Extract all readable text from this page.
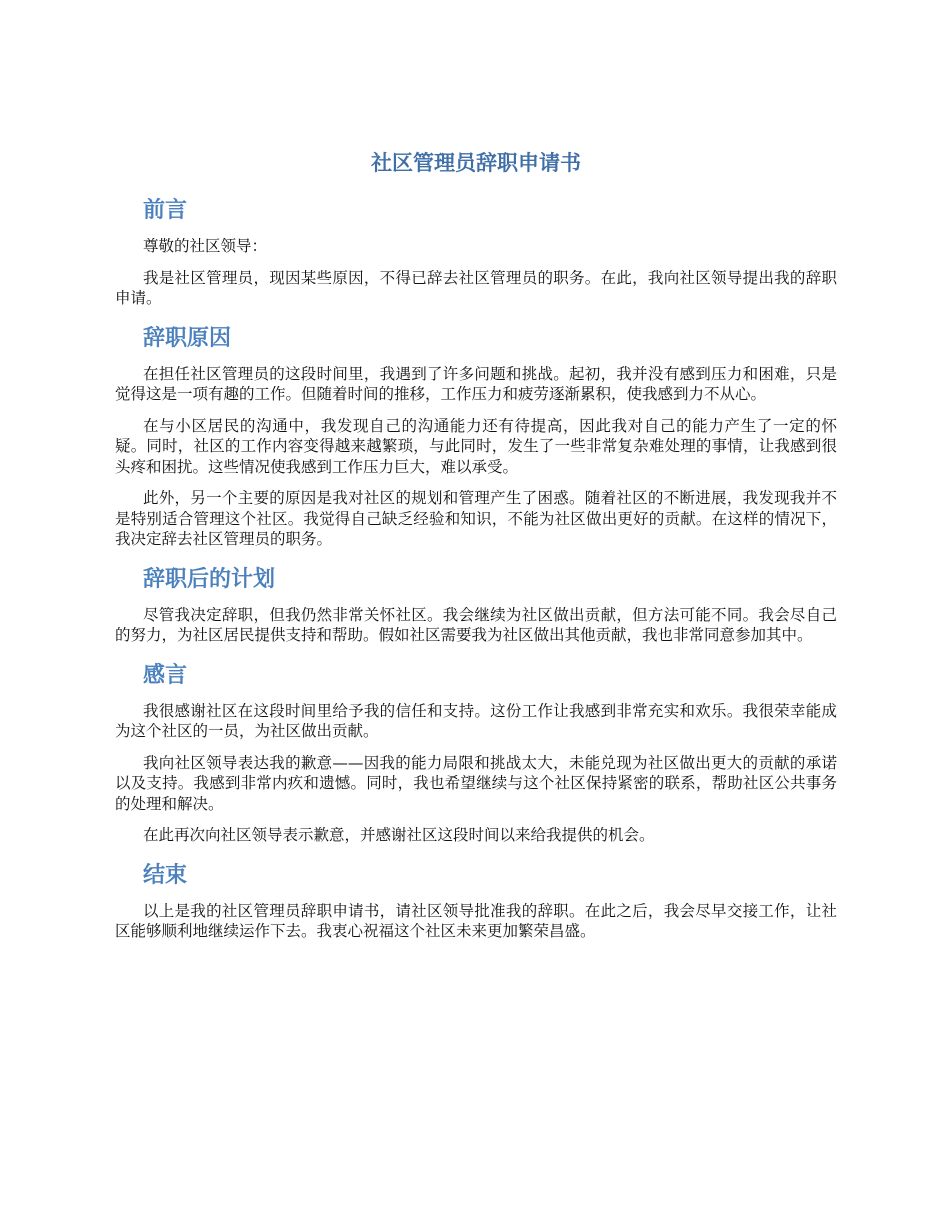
社区管理员辞职申请书
前言

尊敬的社区领导：

我是社区管理员，现因某些原因，不得已辞去社区管理员的职务。在此，我向社区领导提出我的辞职申请。

辞职原因

在担任社区管理员的这段时间里，我遇到了许多问题和挑战。起初，我并没有感到压力和困难，只是觉得这是一项有趣的工作。但随着时间的推移，工作压力和疲劳逐渐累积，使我感到力不从心。

在与小区居民的沟通中，我发现自己的沟通能力还有待提高，因此我对自己的能力产生了一定的怀疑。同时，社区的工作内容变得越来越繁琐，与此同时，发生了一些非常复杂难处理的事情，让我感到很头疼和困扰。这些情况使我感到工作压力巨大，难以承受。

此外，另一个主要的原因是我对社区的规划和管理产生了困惑。随着社区的不断进展，我发现我并不是特别适合管理这个社区。我觉得自己缺乏经验和知识，不能为社区做出更好的贡献。在这样的情况下，我决定辞去社区管理员的职务。

辞职后的计划

尽管我决定辞职，但我仍然非常关怀社区。我会继续为社区做出贡献，但方法可能不同。我会尽自己的努力，为社区居民提供支持和帮助。假如社区需要我为社区做出其他贡献，我也非常同意参加其中。

感言

我很感谢社区在这段时间里给予我的信任和支持。这份工作让我感到非常充实和欢乐。我很荣幸能成为这个社区的一员，为社区做出贡献。

我向社区领导表达我的歉意——因我的能力局限和挑战太大，未能兑现为社区做出更大的贡献的承诺以及支持。我感到非常内疚和遗憾。同时，我也希望继续与这个社区保持紧密的联系，帮助社区公共事务的处理和解决。

在此再次向社区领导表示歉意，并感谢社区这段时间以来给我提供的机会。

结束

以上是我的社区管理员辞职申请书，请社区领导批准我的辞职。在此之后，我会尽早交接工作，让社区能够顺利地继续运作下去。我衷心祝福这个社区未来更加繁荣昌盛。
